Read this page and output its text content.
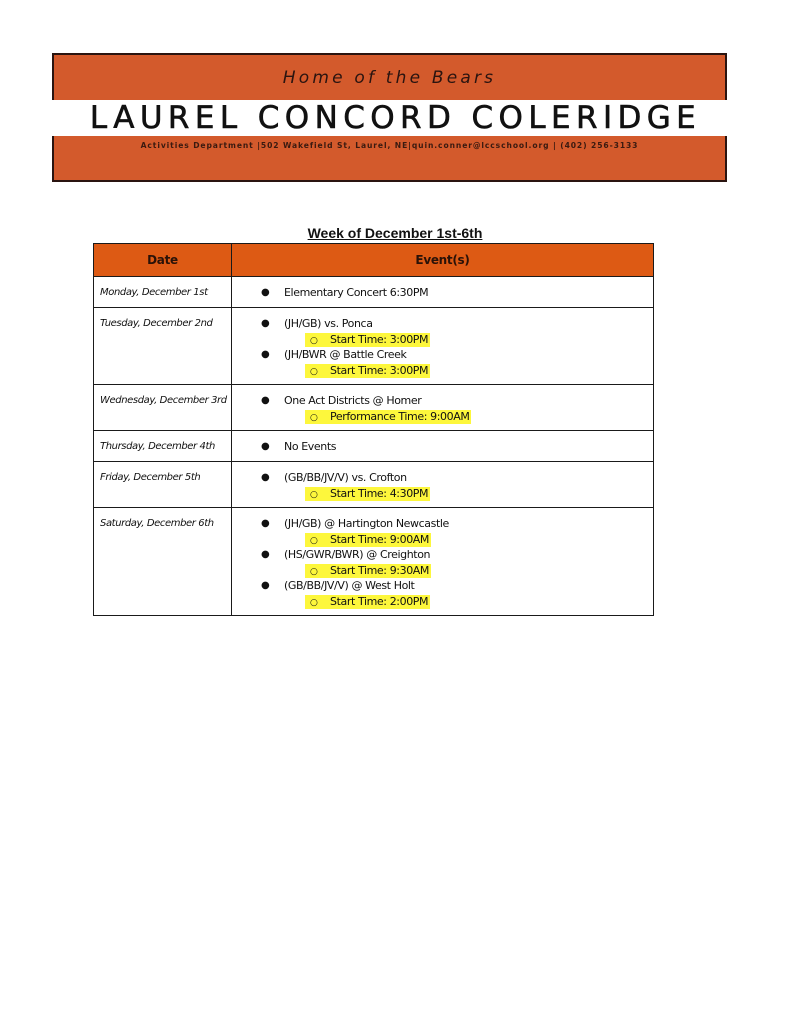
Home of the Bears
LAUREL CONCORD COLERIDGE
Activities Department |502 Wakefield St, Laurel, NE|quin.conner@lccschool.org | (402) 256-3133
Week of December 1st-6th
Date	Event(s)
Monday, December 1st	● Elementary Concert 6:30PM

Tuesday, December 2nd	● (JH/GB) vs. Ponca
○ Start Time: 3:00PM
● (JH/BWR @ Battle Creek
○ Start Time: 3:00PM

Wednesday, December 3rd	● One Act Districts @ Homer
○ Performance Time: 9:00AM

Thursday, December 4th	● No Events

Friday, December 5th	● (GB/BB/JV/V) vs. Crofton
○ Start Time: 4:30PM

Saturday, December 6th	● (JH/GB) @ Hartington Newcastle
○ Start Time: 9:00AM
● (HS/GWR/BWR) @ Creighton
○ Start Time: 9:30AM
● (GB/BB/JV/V) @ West Holt
○ Start Time: 2:00PM
